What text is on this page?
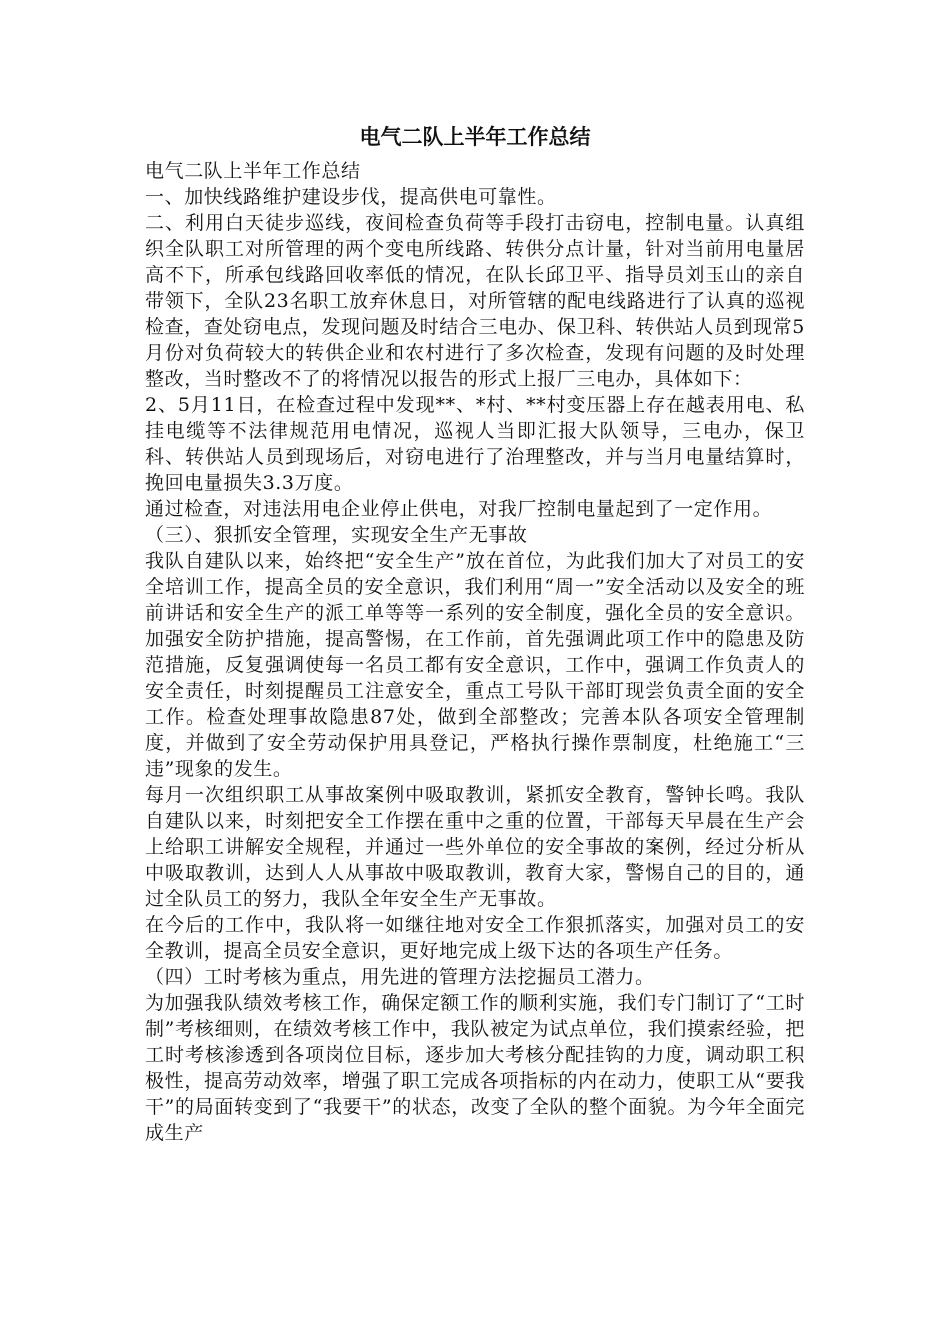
电气二队上半年工作总结

电气二队上半年工作总结

一、加快线路维护建设步伐，提高供电可靠性。

二、利用白天徒步巡线，夜间检查负荷等手段打击窃电，控制电量。认真组织全队职工对所管理的两个变电所线路、转供分点计量，针对当前用电量居高不下，所承包线路回收率低的情况，在队长邱卫平、指导员刘玉山的亲自带领下，全队23名职工放弃休息日，对所管辖的配电线路进行了认真的巡视检查，查处窃电点，发现问题及时结合三电办、保卫科、转供站人员到现常5月份对负荷较大的转供企业和农村进行了多次检查，发现有问题的及时处理整改，当时整改不了的将情况以报告的形式上报厂三电办，具体如下：

2、5月11日，在检查过程中发现**、*村、**村变压器上存在越表用电、私挂电缆等不法律规范用电情况，巡视人当即汇报大队领导，三电办，保卫科、转供站人员到现场后，对窃电进行了治理整改，并与当月电量结算时，挽回电量损失3.3万度。

通过检查，对违法用电企业停止供电，对我厂控制电量起到了一定作用。

（三）、狠抓安全管理，实现安全生产无事故

我队自建队以来，始终把“安全生产”放在首位，为此我们加大了对员工的安全培训工作，提高全员的安全意识，我们利用“周一”安全活动以及安全的班前讲话和安全生产的派工单等等一系列的安全制度，强化全员的安全意识。加强安全防护措施，提高警惕，在工作前，首先强调此项工作中的隐患及防范措施，反复强调使每一名员工都有安全意识，工作中，强调工作负责人的安全责任，时刻提醒员工注意安全，重点工号队干部盯现尝负责全面的安全工作。检查处理事故隐患87处，做到全部整改；完善本队各项安全管理制度，并做到了安全劳动保护用具登记，严格执行操作票制度，杜绝施工“三违”现象的发生。

每月一次组织职工从事故案例中吸取教训，紧抓安全教育，警钟长鸣。我队自建队以来，时刻把安全工作摆在重中之重的位置，干部每天早晨在生产会上给职工讲解安全规程，并通过一些外单位的安全事故的案例，经过分析从中吸取教训，达到人人从事故中吸取教训，教育大家，警惕自己的目的，通过全队员工的努力，我队全年安全生产无事故。

在今后的工作中，我队将一如继往地对安全工作狠抓落实，加强对员工的安全教训，提高全员安全意识，更好地完成上级下达的各项生产任务。

（四）工时考核为重点，用先进的管理方法挖掘员工潜力。

为加强我队绩效考核工作，确保定额工作的顺利实施，我们专门制订了“工时制”考核细则，在绩效考核工作中，我队被定为试点单位，我们摸索经验，把工时考核渗透到各项岗位目标，逐步加大考核分配挂钩的力度，调动职工积极性，提高劳动效率，增强了职工完成各项指标的内在动力，使职工从“要我干”的局面转变到了“我要干”的状态，改变了全队的整个面貌。为今年全面完成生产
